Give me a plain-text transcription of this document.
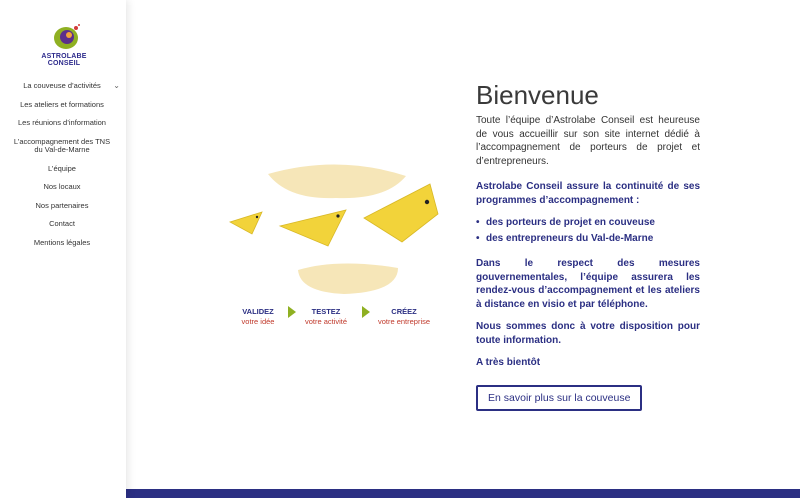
ASTROLABE CONSEIL
La couveuse d’activités ⌄
Les ateliers et formations
Les réunions d’information
L’accompagnement des TNS du Val-de-Marne
L’équipe
Nos locaux
Nos partenaires
Contact
Mentions légales
VALIDEZ
votre idée
TESTEZ
votre activité
CRÉEZ
votre entreprise
Bienvenue

Toute l’équipe d’Astrolabe Conseil est heureuse de vous accueillir sur son site internet dédié à l’accompagnement de porteurs de projet et d’entrepreneurs.

Astrolabe Conseil assure la continuité de ses programmes d’accompagnement :

• des porteurs de projet en couveuse
• des entrepreneurs du Val-de-Marne

Dans le respect des mesures gouvernementales, l’équipe assurera les rendez-vous d’accompagnement et les ateliers à distance en visio et par téléphone.

Nous sommes donc à votre disposition pour toute information.

A très bientôt

En savoir plus sur la couveuse
